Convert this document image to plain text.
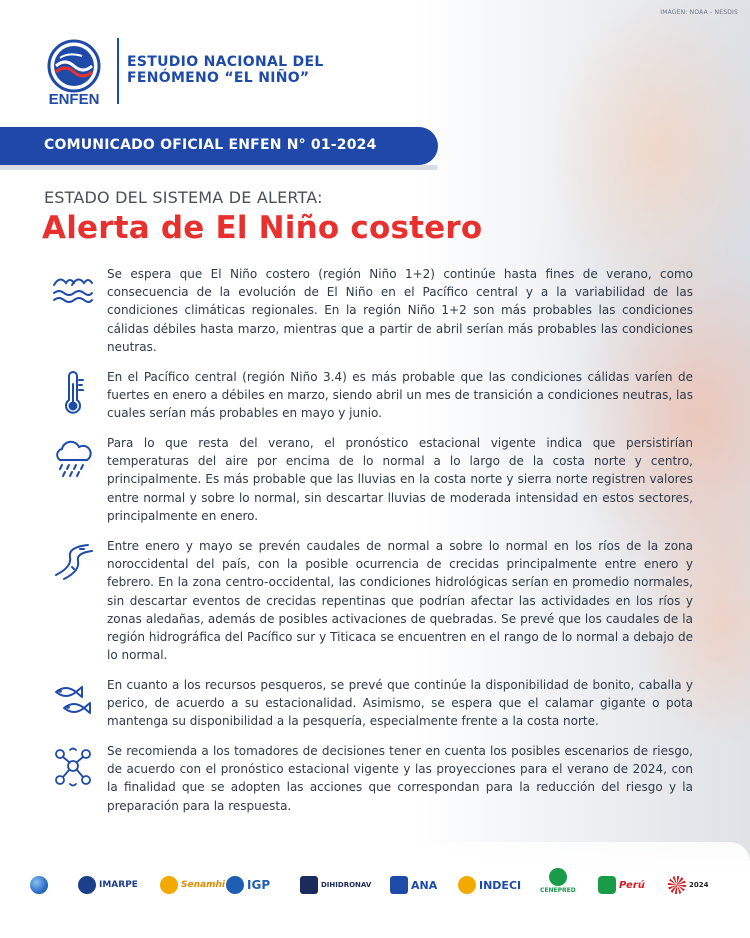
IMAGEN: NOAA - NESDIS
ENFEN
ESTUDIO NACIONAL DEL
FENÓMENO “EL NIÑO”
COMUNICADO OFICIAL ENFEN N° 01-2024
ESTADO DEL SISTEMA DE ALERTA:
Alerta de El Niño costero
Se espera que El Niño costero (región Niño 1+2) continúe hasta fines de verano, como consecuencia de la evolución de El Niño en el Pacífico central y a la variabilidad de las condiciones climáticas regionales. En la región Niño 1+2 son más probables las condiciones cálidas débiles hasta marzo, mientras que a partir de abril serían más probables las condiciones neutras.
En el Pacífico central (región Niño 3.4) es más probable que las condiciones cálidas varíen de fuertes en enero a débiles en marzo, siendo abril un mes de transición a condiciones neutras, las cuales serían más probables en mayo y junio.
Para lo que resta del verano, el pronóstico estacional vigente indica que persistirían temperaturas del aire por encima de lo normal a lo largo de la costa norte y centro, principalmente. Es más probable que las lluvias en la costa norte y sierra norte registren valores entre normal y sobre lo normal, sin descartar lluvias de moderada intensidad en estos sectores, principalmente en enero.
Entre enero y mayo se prevén caudales de normal a sobre lo normal en los ríos de la zona noroccidental del país, con la posible ocurrencia de crecidas principalmente entre enero y febrero. En la zona centro-occidental, las condiciones hidrológicas serían en promedio normales, sin descartar eventos de crecidas repentinas que podrían afectar las actividades en los ríos y zonas aledañas, además de posibles activaciones de quebradas. Se prevé que los caudales de la región hidrográfica del Pacífico sur y Titicaca se encuentren en el rango de lo normal a debajo de lo normal.
En cuanto a los recursos pesqueros, se prevé que continúe la disponibilidad de bonito, caballa y perico, de acuerdo a su estacionalidad. Asimismo, se espera que el calamar gigante o pota mantenga su disponibilidad a la pesquería, especialmente frente a la costa norte.
Se recomienda a los tomadores de decisiones tener en cuenta los posibles escenarios de riesgo, de acuerdo con el pronóstico estacional vigente y las proyecciones para el verano de 2024, con la finalidad que se adopten las acciones que correspondan para la reducción del riesgo y la preparación para la respuesta.
IMARPE	Senamhi IGP	DIHIDRONAV	ANA	INDECI	CENEPRED	Perú	2024
